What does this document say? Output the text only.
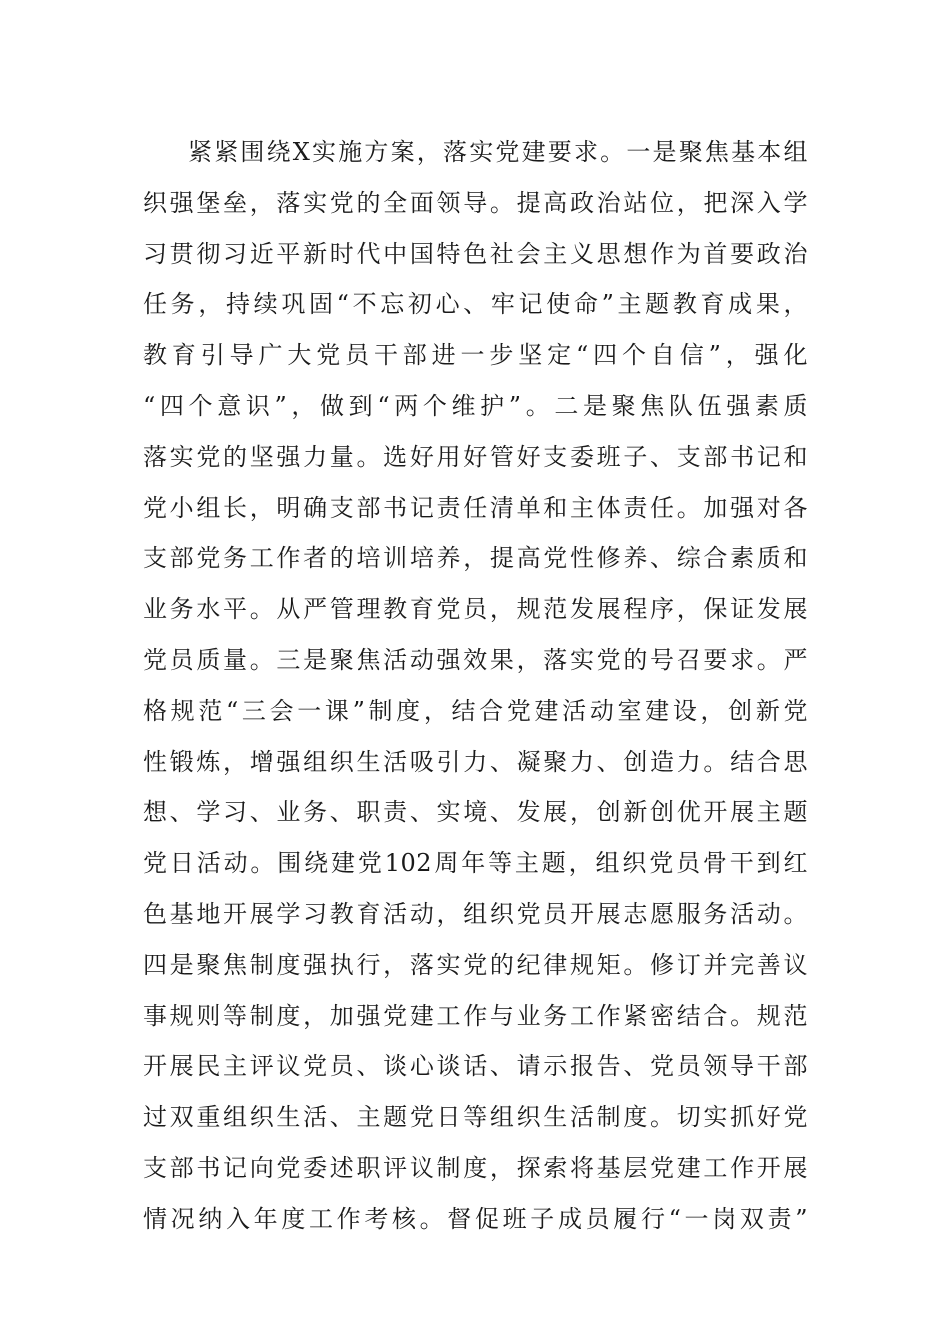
紧紧围绕X实施方案，落实党建要求。一是聚焦基本组
织强堡垒，落实党的全面领导。提高政治站位，把深入学
习贯彻习近平新时代中国特色社会主义思想作为首要政治
任务，持续巩固“不忘初心、牢记使命”主题教育成果，
教育引导广大党员干部进一步坚定“四个自信”，强化
“四个意识”，做到“两个维护”。二是聚焦队伍强素质
落实党的坚强力量。选好用好管好支委班子、支部书记和
党小组长，明确支部书记责任清单和主体责任。加强对各
支部党务工作者的培训培养，提高党性修养、综合素质和
业务水平。从严管理教育党员，规范发展程序，保证发展
党员质量。三是聚焦活动强效果，落实党的号召要求。严
格规范“三会一课”制度，结合党建活动室建设，创新党
性锻炼，增强组织生活吸引力、凝聚力、创造力。结合思
想、学习、业务、职责、实境、发展，创新创优开展主题
党日活动。围绕建党102周年等主题，组织党员骨干到红
色基地开展学习教育活动，组织党员开展志愿服务活动。
四是聚焦制度强执行，落实党的纪律规矩。修订并完善议
事规则等制度，加强党建工作与业务工作紧密结合。规范
开展民主评议党员、谈心谈话、请示报告、党员领导干部
过双重组织生活、主题党日等组织生活制度。切实抓好党
支部书记向党委述职评议制度，探索将基层党建工作开展
情况纳入年度工作考核。督促班子成员履行“一岗双责”
